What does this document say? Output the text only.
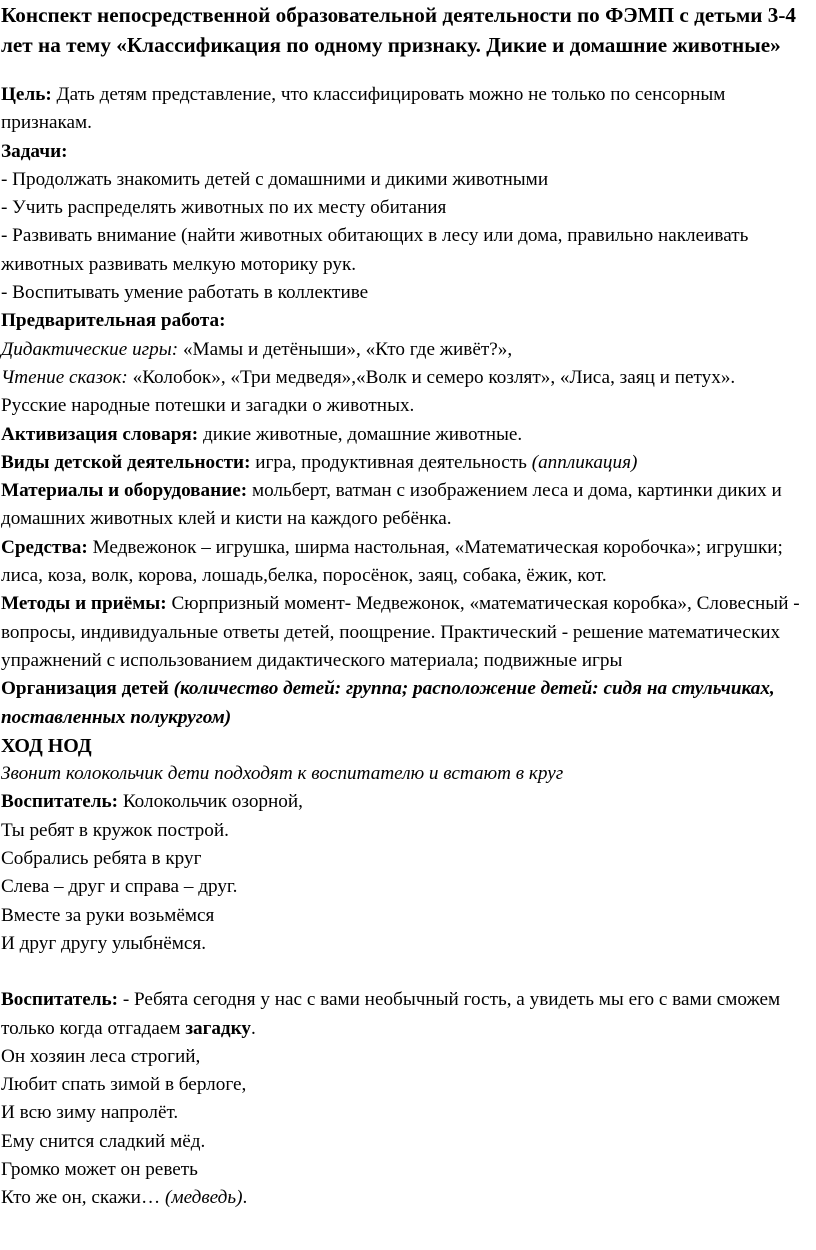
Конспект непосредственной образовательной деятельности по ФЭМП с детьми 3-4 лет на тему «Классификация по одному признаку. Дикие и домашние животные»

Цель: Дать детям представление, что классифицировать можно не только по сенсорным признакам.

Задачи:

- Продолжать знакомить детей с домашними и дикими животными

- Учить распределять животных по их месту обитания

- Развивать внимание (найти животных обитающих в лесу или дома, правильно наклеивать животных развивать мелкую моторику рук.

- Воспитывать умение работать в коллективе

Предварительная работа:

Дидактические игры: «Мамы и детёныши», «Кто где живёт?»,

Чтение сказок: «Колобок», «Три медведя»,«Волк и семеро козлят», «Лиса, заяц и петух».

Русские народные потешки и загадки о животных.

Активизация словаря: дикие животные, домашние животные.

Виды детской деятельности: игра, продуктивная деятельность (аппликация)

Материалы и оборудование: мольберт, ватман с изображением леса и дома, картинки диких и домашних животных клей и кисти на каждого ребёнка.

Средства: Медвежонок – игрушка, ширма настольная, «Математическая коробочка»; игрушки; лиса, коза, волк, корова, лошадь,белка, поросёнок, заяц, собака, ёжик, кот.

Методы и приёмы: Сюрпризный момент- Медвежонок, «математическая коробка», Словесный - вопросы, индивидуальные ответы детей, поощрение. Практический - решение математических упражнений с использованием дидактического материала; подвижные игры

Организация детей (количество детей: группа; расположение детей: сидя на стульчиках, поставленных полукругом)

ХОД НОД

Звонит колокольчик дети подходят к воспитателю и встают в круг

Воспитатель: Колокольчик озорной,

Ты ребят в кружок построй.

Собрались ребята в круг

Слева – друг и справа – друг.

Вместе за руки возьмёмся

И друг другу улыбнёмся.

Воспитатель: - Ребята сегодня у нас с вами необычный гость, а увидеть мы его с вами сможем только когда отгадаем загадку.

Он хозяин леса строгий,

Любит спать зимой в берлоге,

И всю зиму напролёт.

Ему снится сладкий мёд.

Громко может он реветь

Кто же он, скажи… (медведь).
